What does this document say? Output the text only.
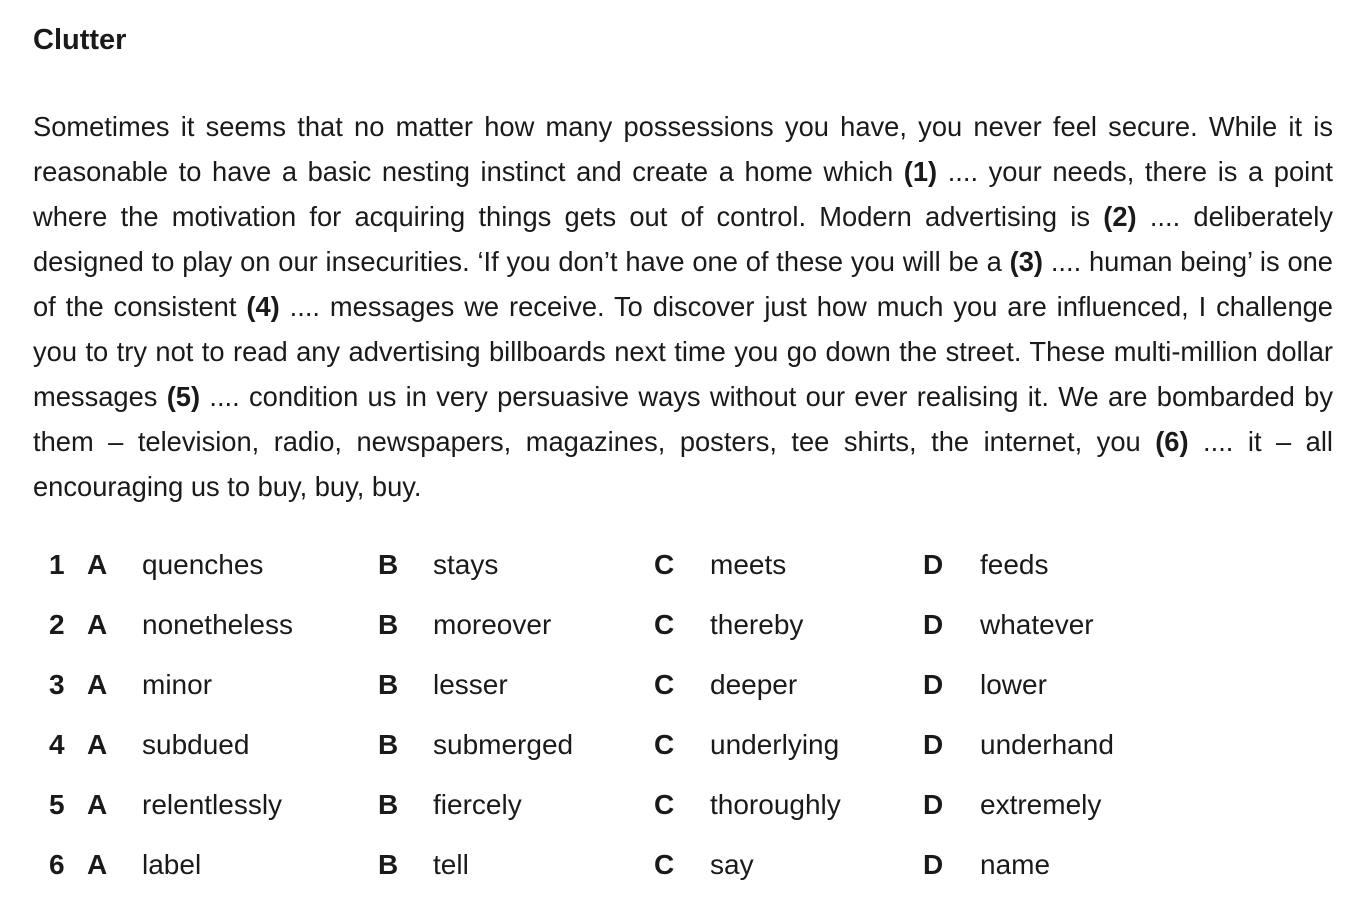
Clutter

Sometimes it seems that no matter how many possessions you have, you never feel secure. While it is reasonable to have a basic nesting instinct and create a home which (1) .... your needs, there is a point where the motivation for acquiring things gets out of control. Modern advertising is (2) .... deliberately designed to play on our insecurities. ‘If you don’t have one of these you will be a (3) .... human being’ is one of the consistent (4) .... messages we receive. To discover just how much you are influenced, I challenge you to try not to read any advertising billboards next time you go down the street. These multi-million dollar messages (5) .... condition us in very persuasive ways without our ever realising it. We are bombarded by them – television, radio, newspapers, magazines, posters, tee shirts, the internet, you (6) .... it – all encouraging us to buy, buy, buy.

1 A quenches	B stays	C meets	D feeds
2 A nonetheless	B moreover	C thereby	D whatever
3 A minor	B lesser	C deeper	D lower
4 A subdued	B submerged	C underlying	D underhand
5 A relentlessly	B fiercely	C thoroughly	D extremely
6 A label	B tell	C say	D name
